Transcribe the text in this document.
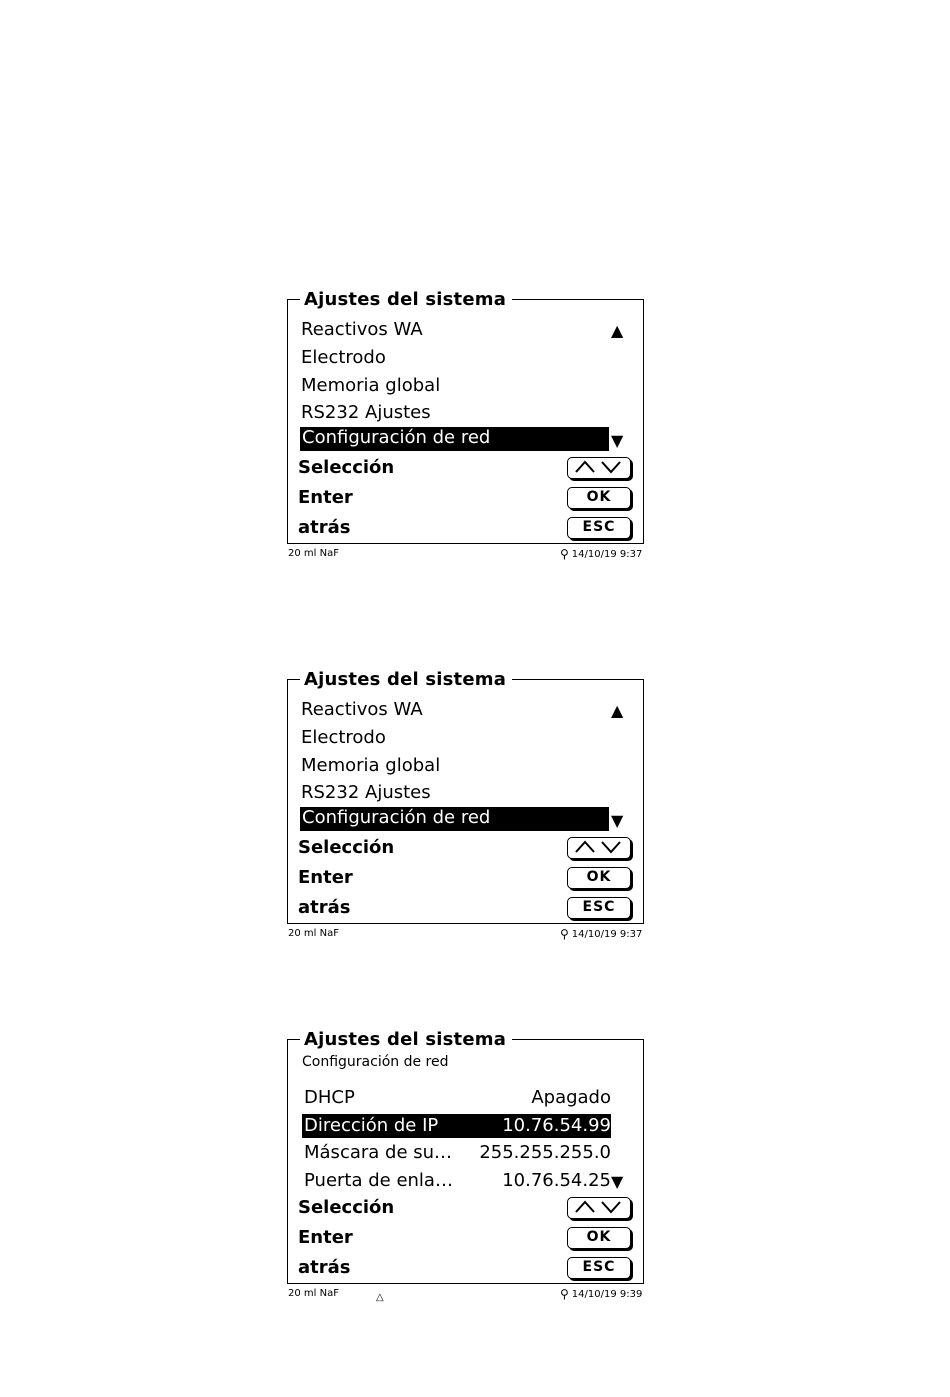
Ajustes del sistema
Reactivos WA	▲
Electrodo
Memoria global
RS232 Ajustes
Configuración de red	▼
Selección
Enter	OK
atrás	ESC
20 ml NaF	⚲ 14/10/19 9:37
Ajustes del sistema
Reactivos WA	▲
Electrodo
Memoria global
RS232 Ajustes
Configuración de red	▼
Selección
Enter	OK
atrás	ESC
20 ml NaF	⚲ 14/10/19 9:37
Ajustes del sistema
Configuración de red
DHCP	Apagado
Dirección de IP	10.76.54.99
Máscara de su… 255.255.255.0
Puerta de enla…	10.76.54.25 ▼
Selección
Enter	OK
atrás	ESC
20 ml NaF	△	⚲ 14/10/19 9:39
